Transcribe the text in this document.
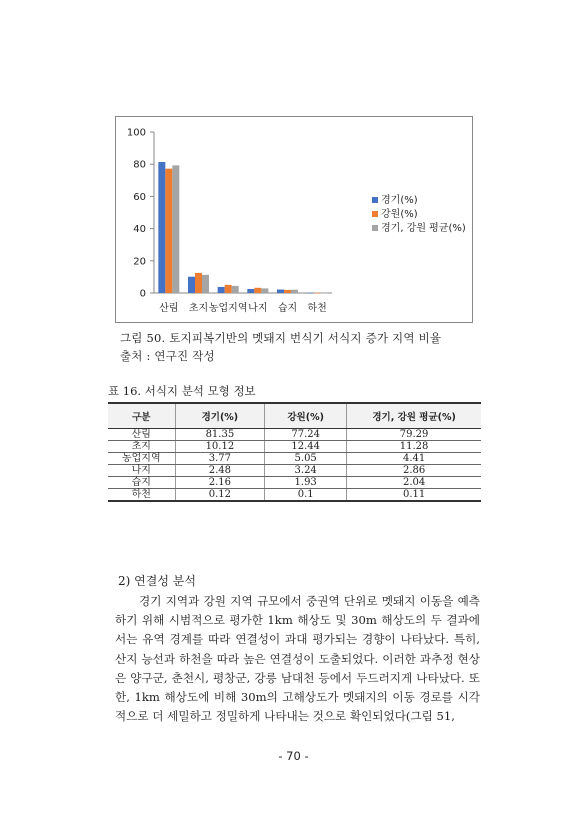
0
20
40
60
80
100
산림 초지 농업지역 나지 습지 하천
경기(%)
강원(%)
경기, 강원 평균(%)
그림 50. 토지피복기반의 멧돼지 번식기 서식지 증가 지역 비율
출처 : 연구진 작성
표 16. 서식지 분석 모형 정보
구분	경기(%)	강원(%)	경기, 강원 평균(%)
산림	81.35	77.24	79.29
초지	10.12	12.44	11.28
농업지역	3.77	5.05	4.41
나지	2.48	3.24	2.86
습지	2.16	1.93	2.04
하천	0.12	0.1	0.11
2) 연결성 분석
경기 지역과 강원 지역 규모에서 중권역 단위로 멧돼지 이동을 예측하기 위해 시범적으로 평가한 1km 해상도 및 30m 해상도의 두 결과에서는 유역 경계를 따라 연결성이 과대 평가되는 경향이 나타났다. 특히, 산지 능선과 하천을 따라 높은 연결성이 도출되었다. 이러한 과추정 현상은 양구군, 춘천시, 평창군, 강릉 남대천 등에서 두드러지게 나타났다. 또한, 1km 해상도에 비해 30m의 고해상도가 멧돼지의 이동 경로를 시각적으로 더 세밀하고 정밀하게 나타내는 것으로 확인되었다(그림 51,
- 70 -
